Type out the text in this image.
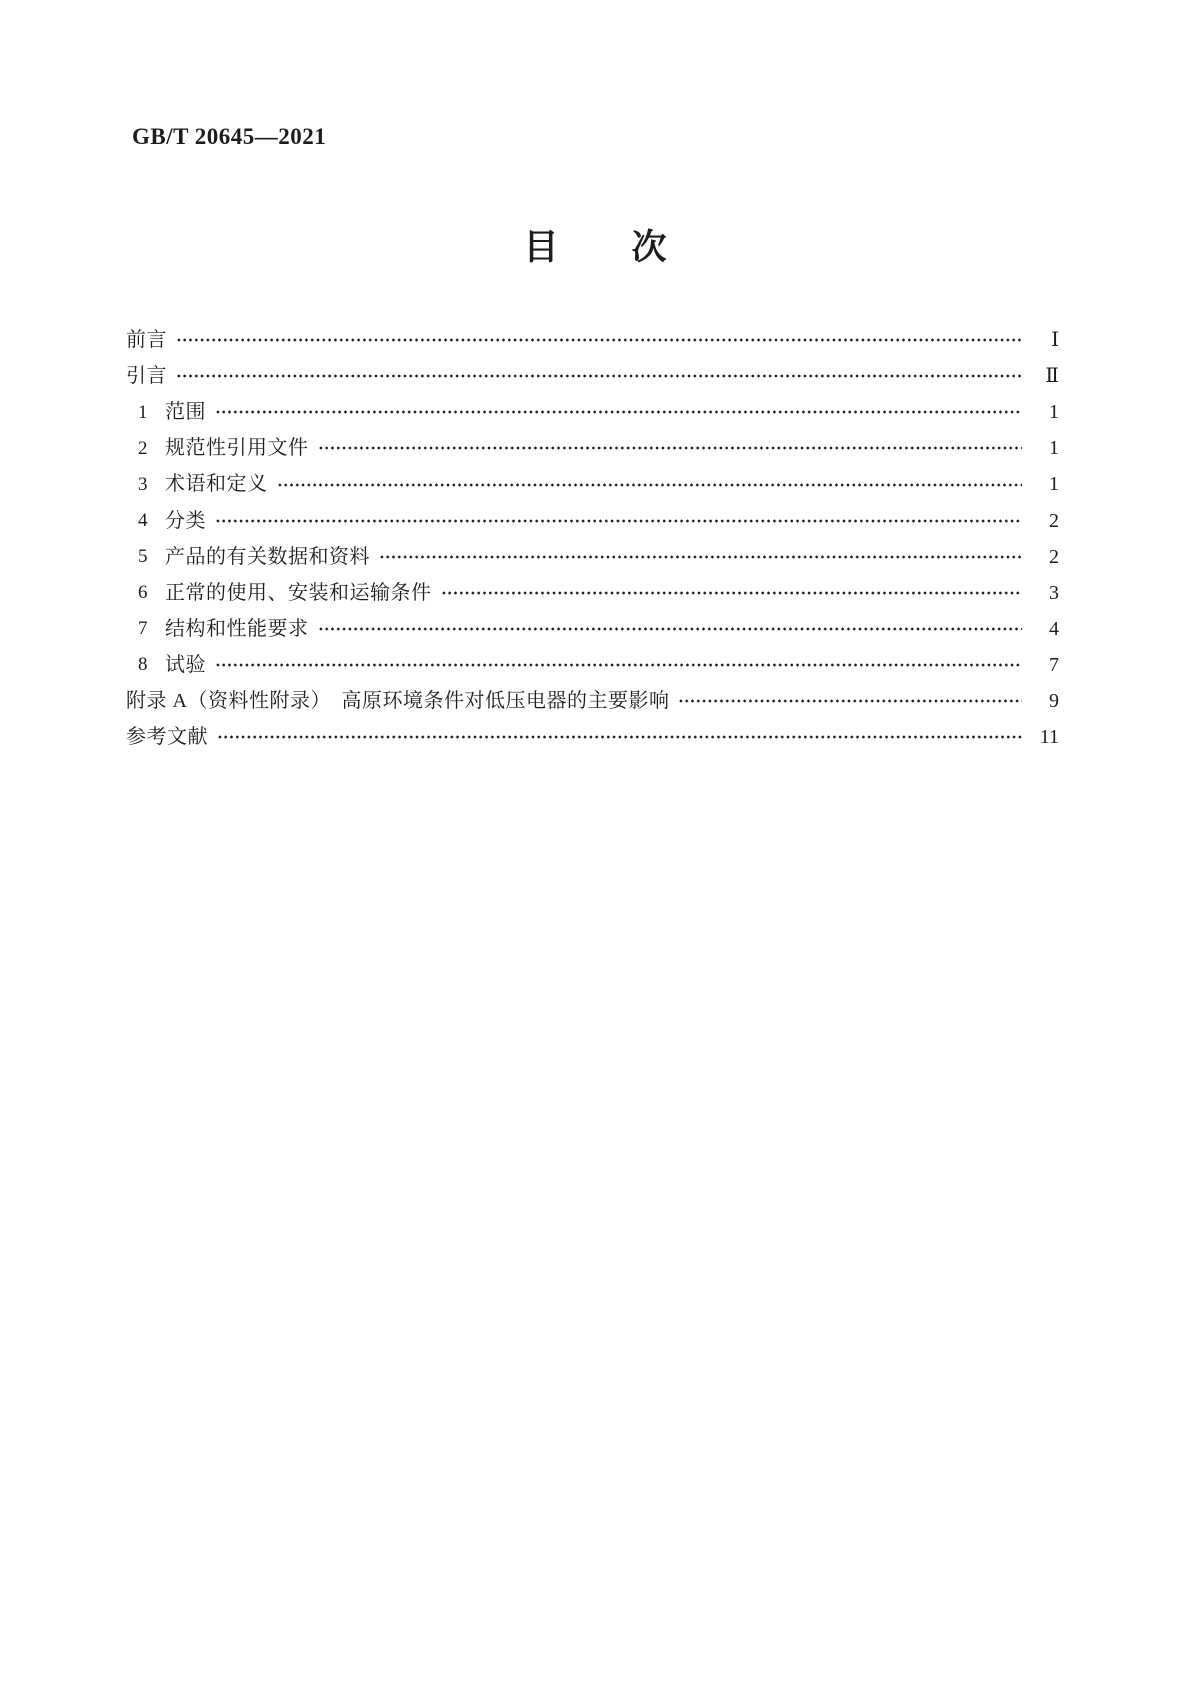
GB/T 20645—2021
目　　次
前言	Ⅰ
引言	Ⅱ
1 范围	1
2 规范性引用文件	1
3 术语和定义	1
4 分类	2
5 产品的有关数据和资料	2
6 正常的使用、安装和运输条件	3
7 结构和性能要求	4
8 试验	7
附录 A（资料性附录）　高原环境条件对低压电器的主要影响	9
参考文献	11
